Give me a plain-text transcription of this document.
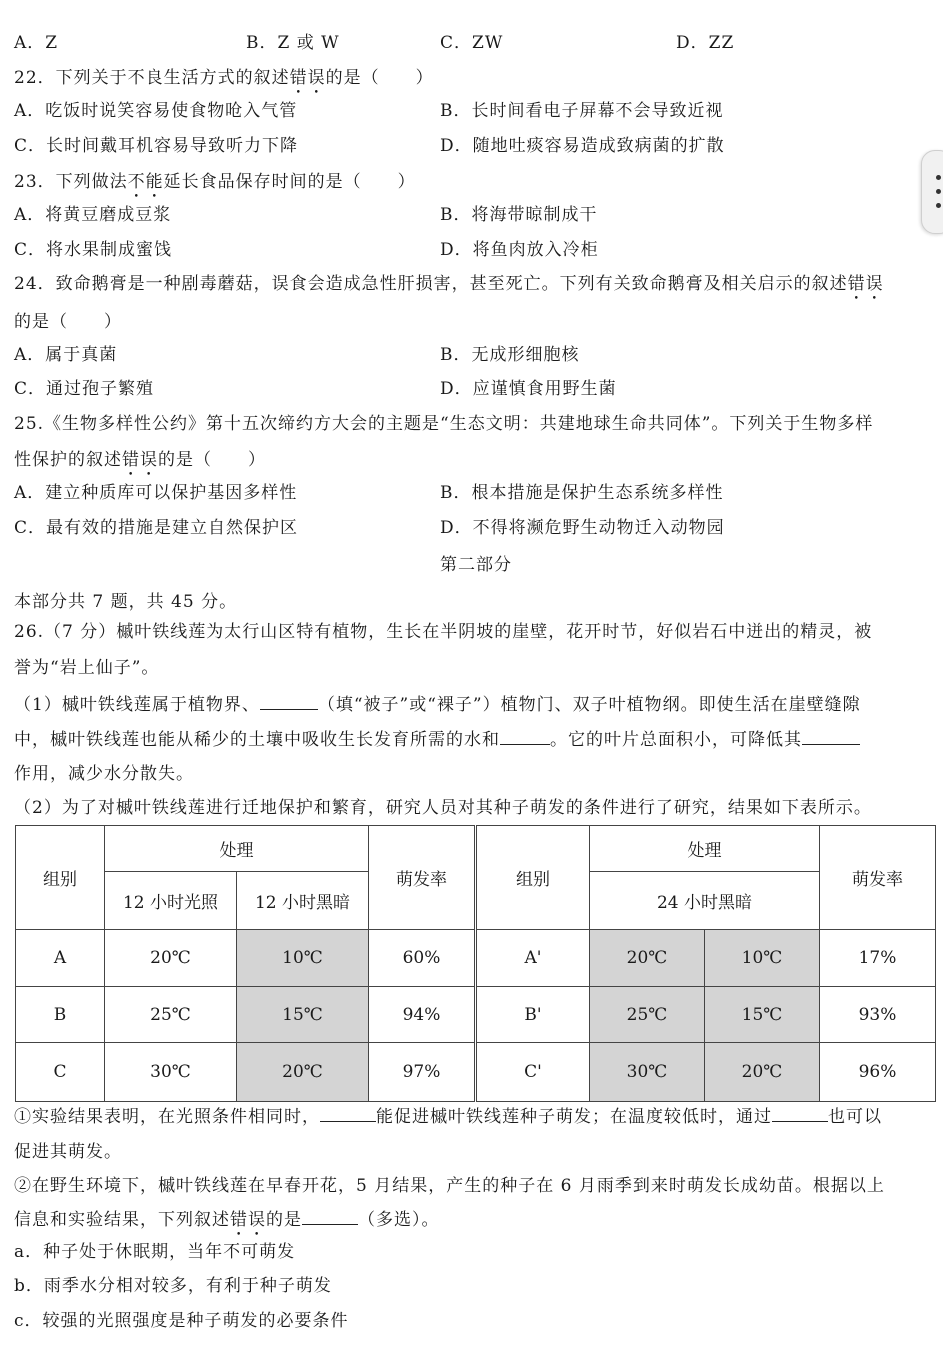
A．Z	B．Z 或 W	C．ZW	D．ZZ
22．下列关于不良生活方式的叙述错误的是（　　）
A．吃饭时说笑容易使食物呛入气管	B．长时间看电子屏幕不会导致近视
C．长时间戴耳机容易导致听力下降	D．随地吐痰容易造成致病菌的扩散
23．下列做法不能延长食品保存时间的是（　　）
A．将黄豆磨成豆浆	B．将海带晾制成干
C．将水果制成蜜饯	D．将鱼肉放入冷柜
24．致命鹅膏是一种剧毒蘑菇，误食会造成急性肝损害，甚至死亡。下列有关致命鹅膏及相关启示的叙述错误
的是（　　）
A．属于真菌	B．无成形细胞核
C．通过孢子繁殖	D．应谨慎食用野生菌
25.《生物多样性公约》第十五次缔约方大会的主题是“生态文明：共建地球生命共同体”。下列关于生物多样
性保护的叙述错误的是（　　）
A．建立种质库可以保护基因多样性	B．根本措施是保护生态系统多样性
C．最有效的措施是建立自然保护区	D．不得将濒危野生动物迁入动物园
第二部分
本部分共 7 题，共 45 分。
26.（7 分）槭叶铁线莲为太行山区特有植物，生长在半阴坡的崖壁，花开时节，好似岩石中迸出的精灵，被
誉为“岩上仙子”。
（1）槭叶铁线莲属于植物界、	（填“被子”或“裸子”）植物门、双子叶植物纲。即使生活在崖壁缝隙
中，槭叶铁线莲也能从稀少的土壤中吸收生长发育所需的水和	。它的叶片总面积小，可降低其
作用，减少水分散失。
（2）为了对槭叶铁线莲进行迁地保护和繁育，研究人员对其种子萌发的条件进行了研究，结果如下表所示。
组别	处理		萌发率	组别	处理		萌发率
	12 小时光照	12 小时黑暗			24 小时黑暗		
A	20℃	10℃	60%	A'	20℃	10℃	17%
B	25℃	15℃	94%	B'	25℃	15℃	93%
C	30℃	20℃	97%	C'	30℃	20℃	96%
①实验结果表明，在光照条件相同时，	能促进槭叶铁线莲种子萌发；在温度较低时，通过	也可以
促进其萌发。
②在野生环境下，槭叶铁线莲在早春开花，5 月结果，产生的种子在 6 月雨季到来时萌发长成幼苗。根据以上
信息和实验结果，下列叙述错误的是	（多选）。
a．种子处于休眠期，当年不可萌发
b．雨季水分相对较多，有利于种子萌发
c．较强的光照强度是种子萌发的必要条件
